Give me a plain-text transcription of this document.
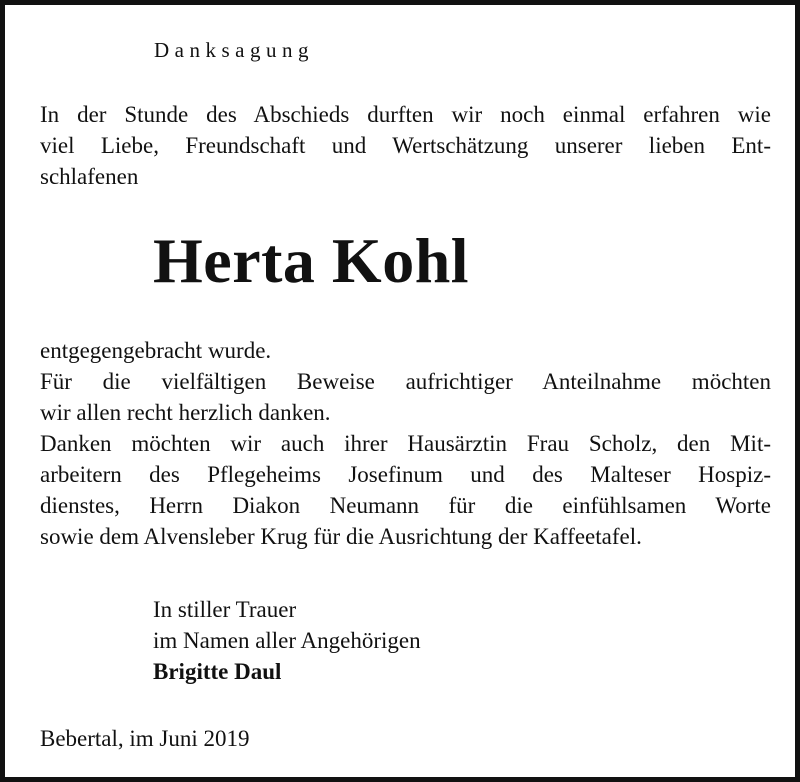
Danksagung

In der Stunde des Abschieds durften wir noch einmal erfahren wie
viel Liebe, Freundschaft und Wertschätzung unserer lieben Ent-
schlafenen

Herta Kohl

entgegengebracht wurde.
Für die vielfältigen Beweise aufrichtiger Anteilnahme möchten
wir allen recht herzlich danken.
Danken möchten wir auch ihrer Hausärztin Frau Scholz, den Mit-
arbeitern des Pflegeheims Josefinum und des Malteser Hospiz-
dienstes, Herrn Diakon Neumann für die einfühlsamen Worte
sowie dem Alvensleber Krug für die Ausrichtung der Kaffeetafel.

In stiller Trauer
im Namen aller Angehörigen
Brigitte Daul
Bebertal, im Juni 2019
